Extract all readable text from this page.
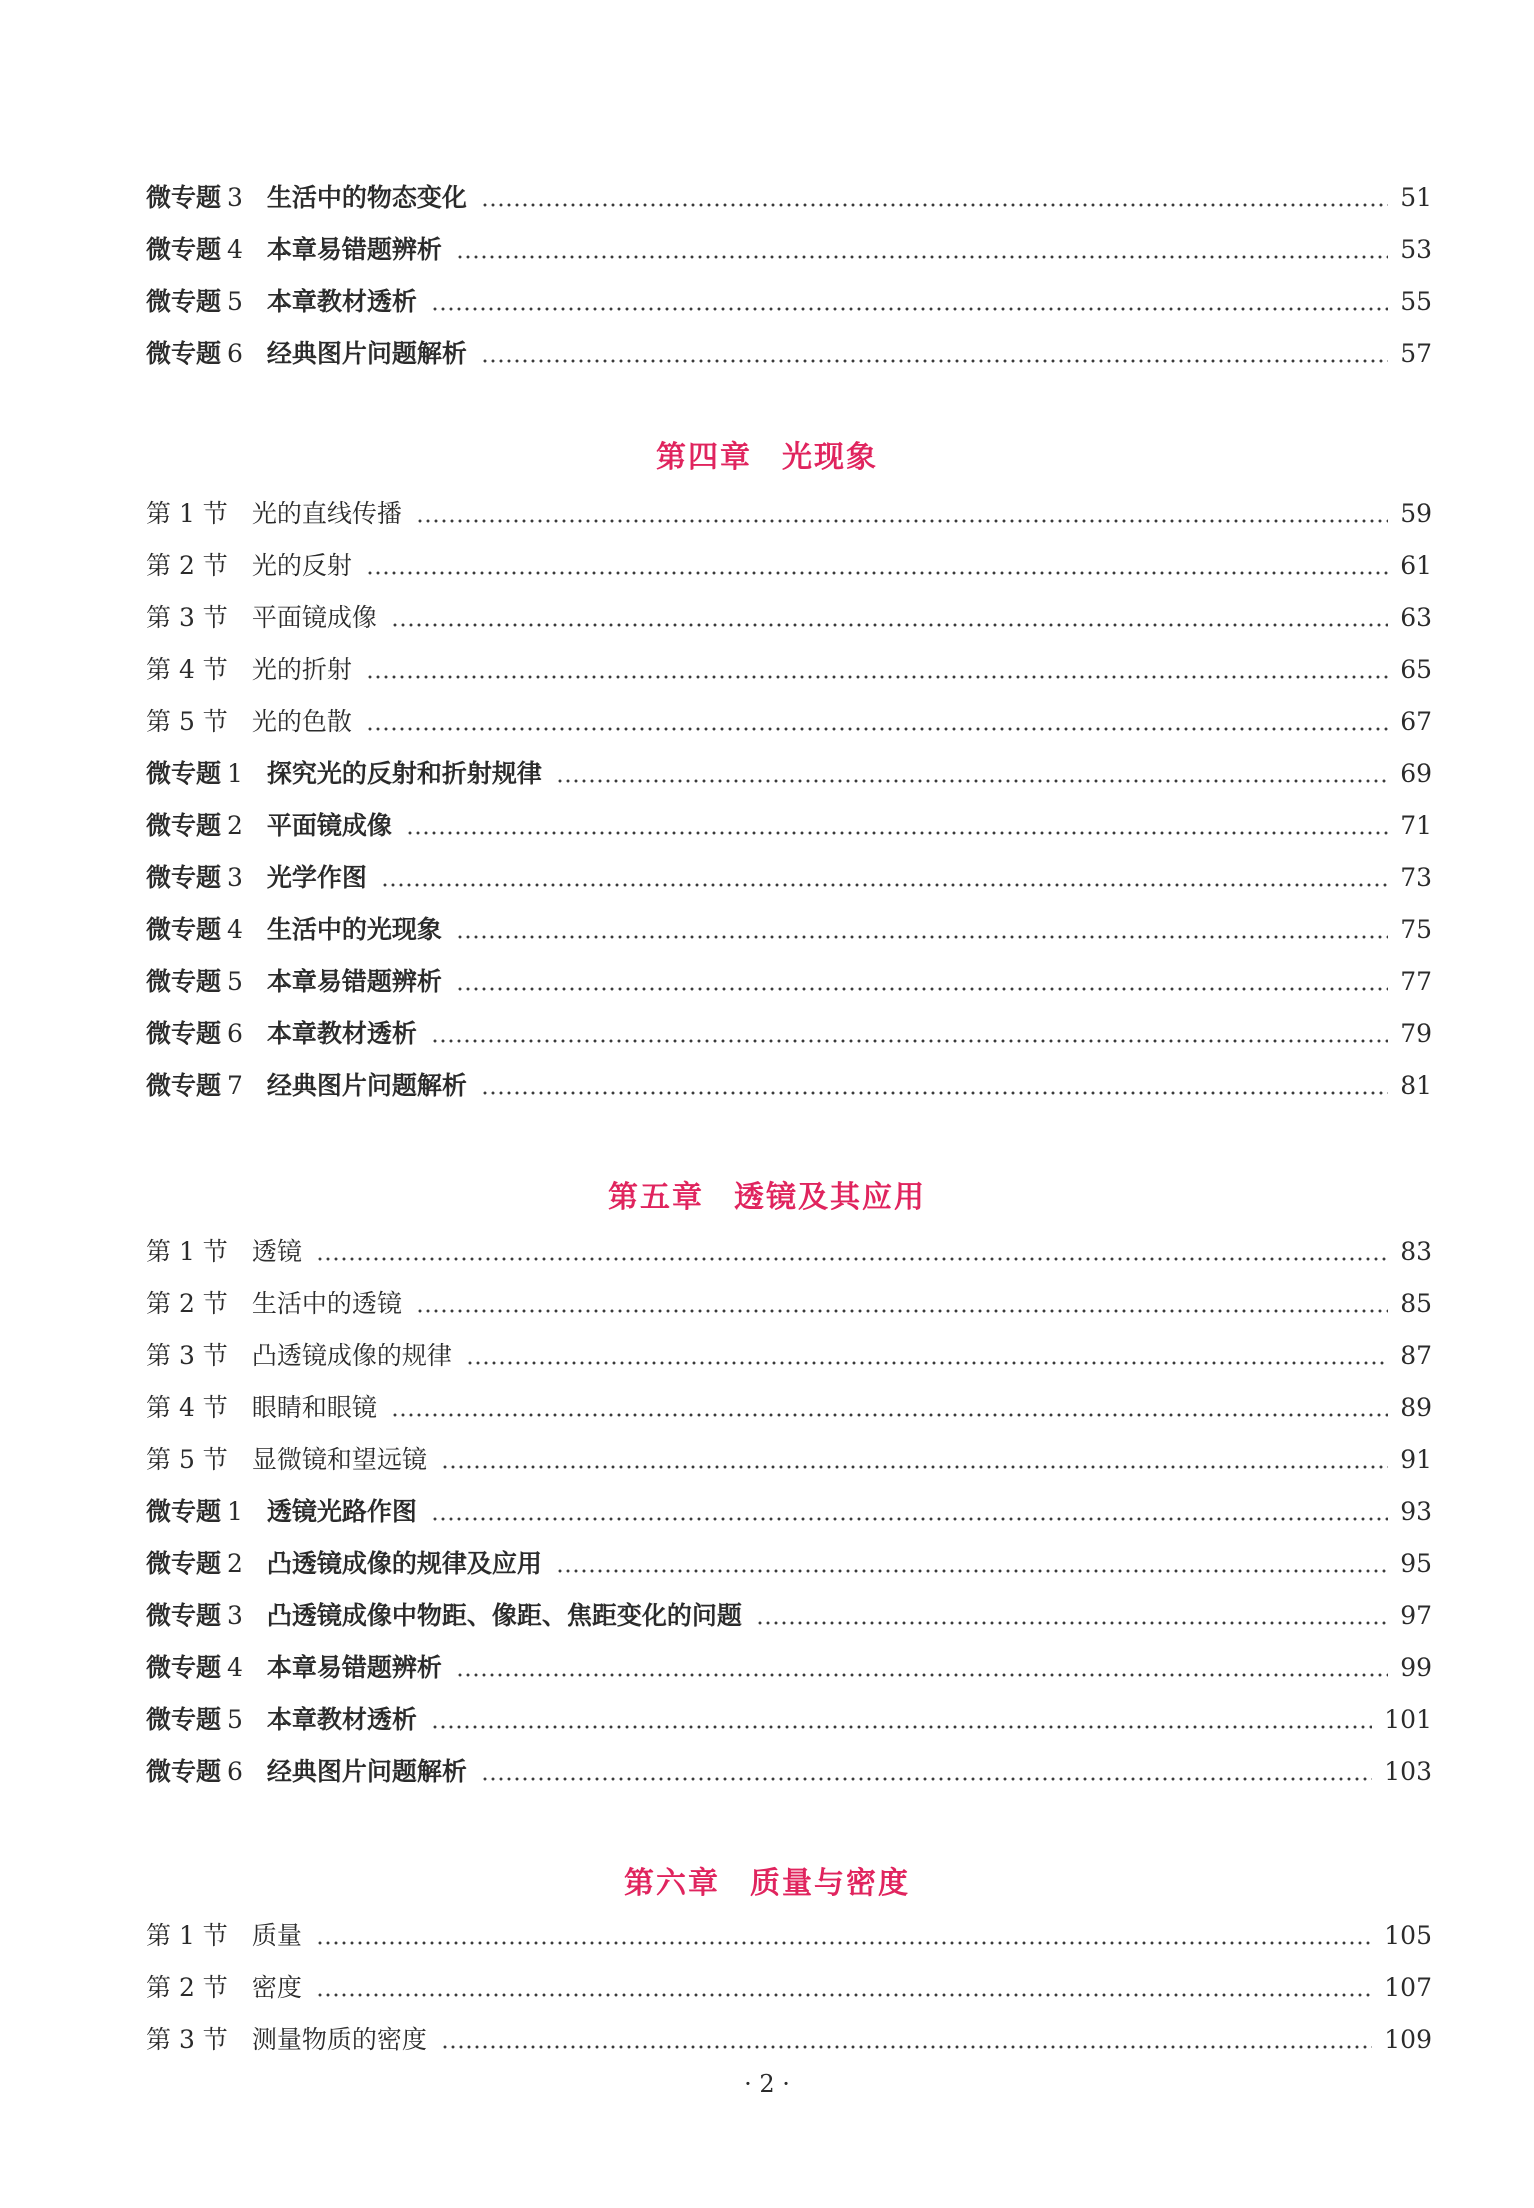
微专题 3 生活中的物态变化	51
微专题 4 本章易错题辨析	53
微专题 5 本章教材透析	55
微专题 6 经典图片问题解析	57
第四章 光现象
第 1 节 光的直线传播	59
第 2 节 光的反射	61
第 3 节 平面镜成像	63
第 4 节 光的折射	65
第 5 节 光的色散	67
微专题 1 探究光的反射和折射规律	69
微专题 2 平面镜成像	71
微专题 3 光学作图	73
微专题 4 生活中的光现象	75
微专题 5 本章易错题辨析	77
微专题 6 本章教材透析	79
微专题 7 经典图片问题解析	81
第五章 透镜及其应用
第 1 节 透镜	83
第 2 节 生活中的透镜	85
第 3 节 凸透镜成像的规律	87
第 4 节 眼睛和眼镜	89
第 5 节 显微镜和望远镜	91
微专题 1 透镜光路作图	93
微专题 2 凸透镜成像的规律及应用	95
微专题 3 凸透镜成像中物距、像距、焦距变化的问题	97
微专题 4 本章易错题辨析	99
微专题 5 本章教材透析	101
微专题 6 经典图片问题解析	103
第六章 质量与密度
第 1 节 质量	105
第 2 节 密度	107
第 3 节 测量物质的密度	109
· 2 ·
